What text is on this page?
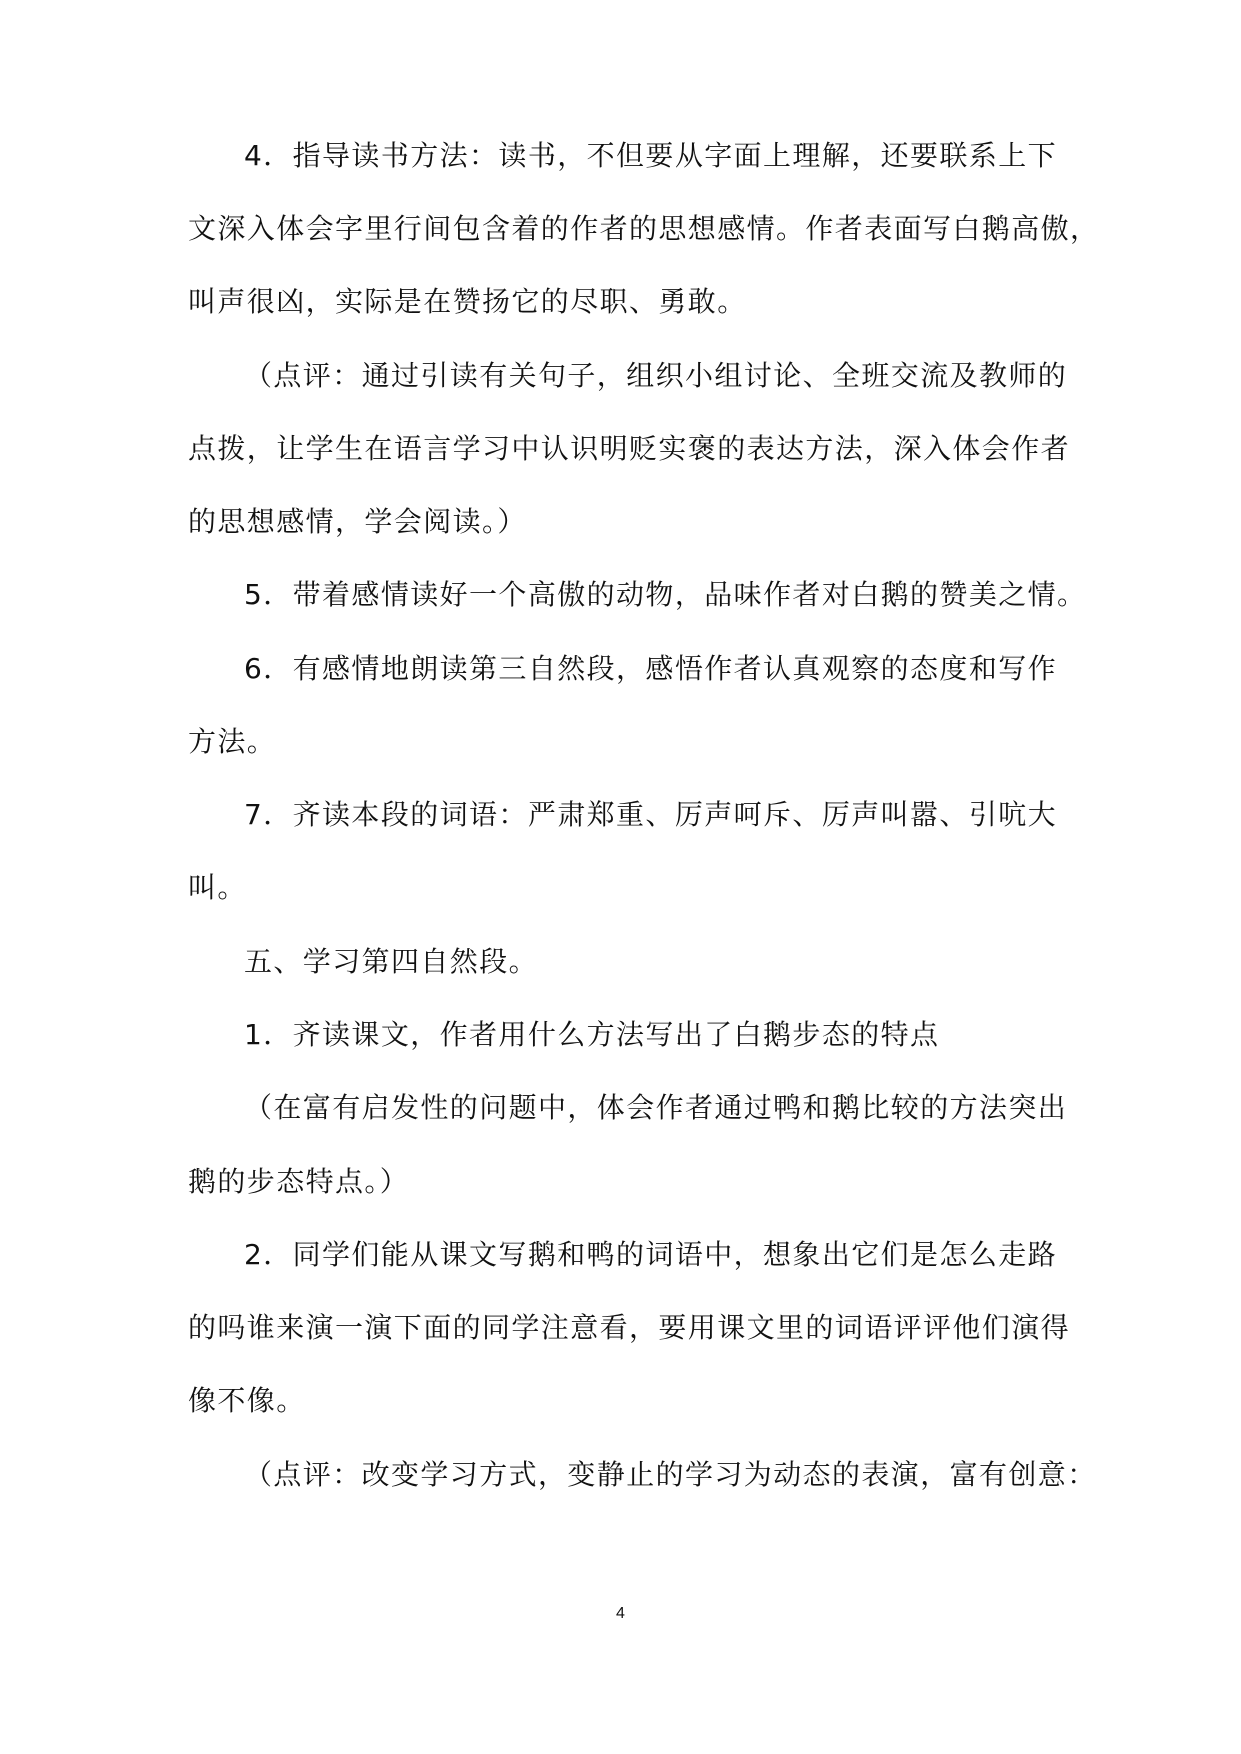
4．指导读书方法：读书，不但要从字面上理解，还要联系上下
文深入体会字里行间包含着的作者的思想感情。作者表面写白鹅高傲，
叫声很凶，实际是在赞扬它的尽职、勇敢。
（点评：通过引读有关句子，组织小组讨论、全班交流及教师的
点拨，让学生在语言学习中认识明贬实褒的表达方法，深入体会作者
的思想感情，学会阅读。）
5．带着感情读好一个高傲的动物，品味作者对白鹅的赞美之情。
6．有感情地朗读第三自然段，感悟作者认真观察的态度和写作
方法。
7．齐读本段的词语：严肃郑重、厉声呵斥、厉声叫嚣、引吭大
叫。
五、学习第四自然段。
1．齐读课文，作者用什么方法写出了白鹅步态的特点
（在富有启发性的问题中，体会作者通过鸭和鹅比较的方法突出
鹅的步态特点。）
2．同学们能从课文写鹅和鸭的词语中，想象出它们是怎么走路
的吗谁来演一演下面的同学注意看，要用课文里的词语评评他们演得
像不像。
（点评：改变学习方式，变静止的学习为动态的表演，富有创意：
4
